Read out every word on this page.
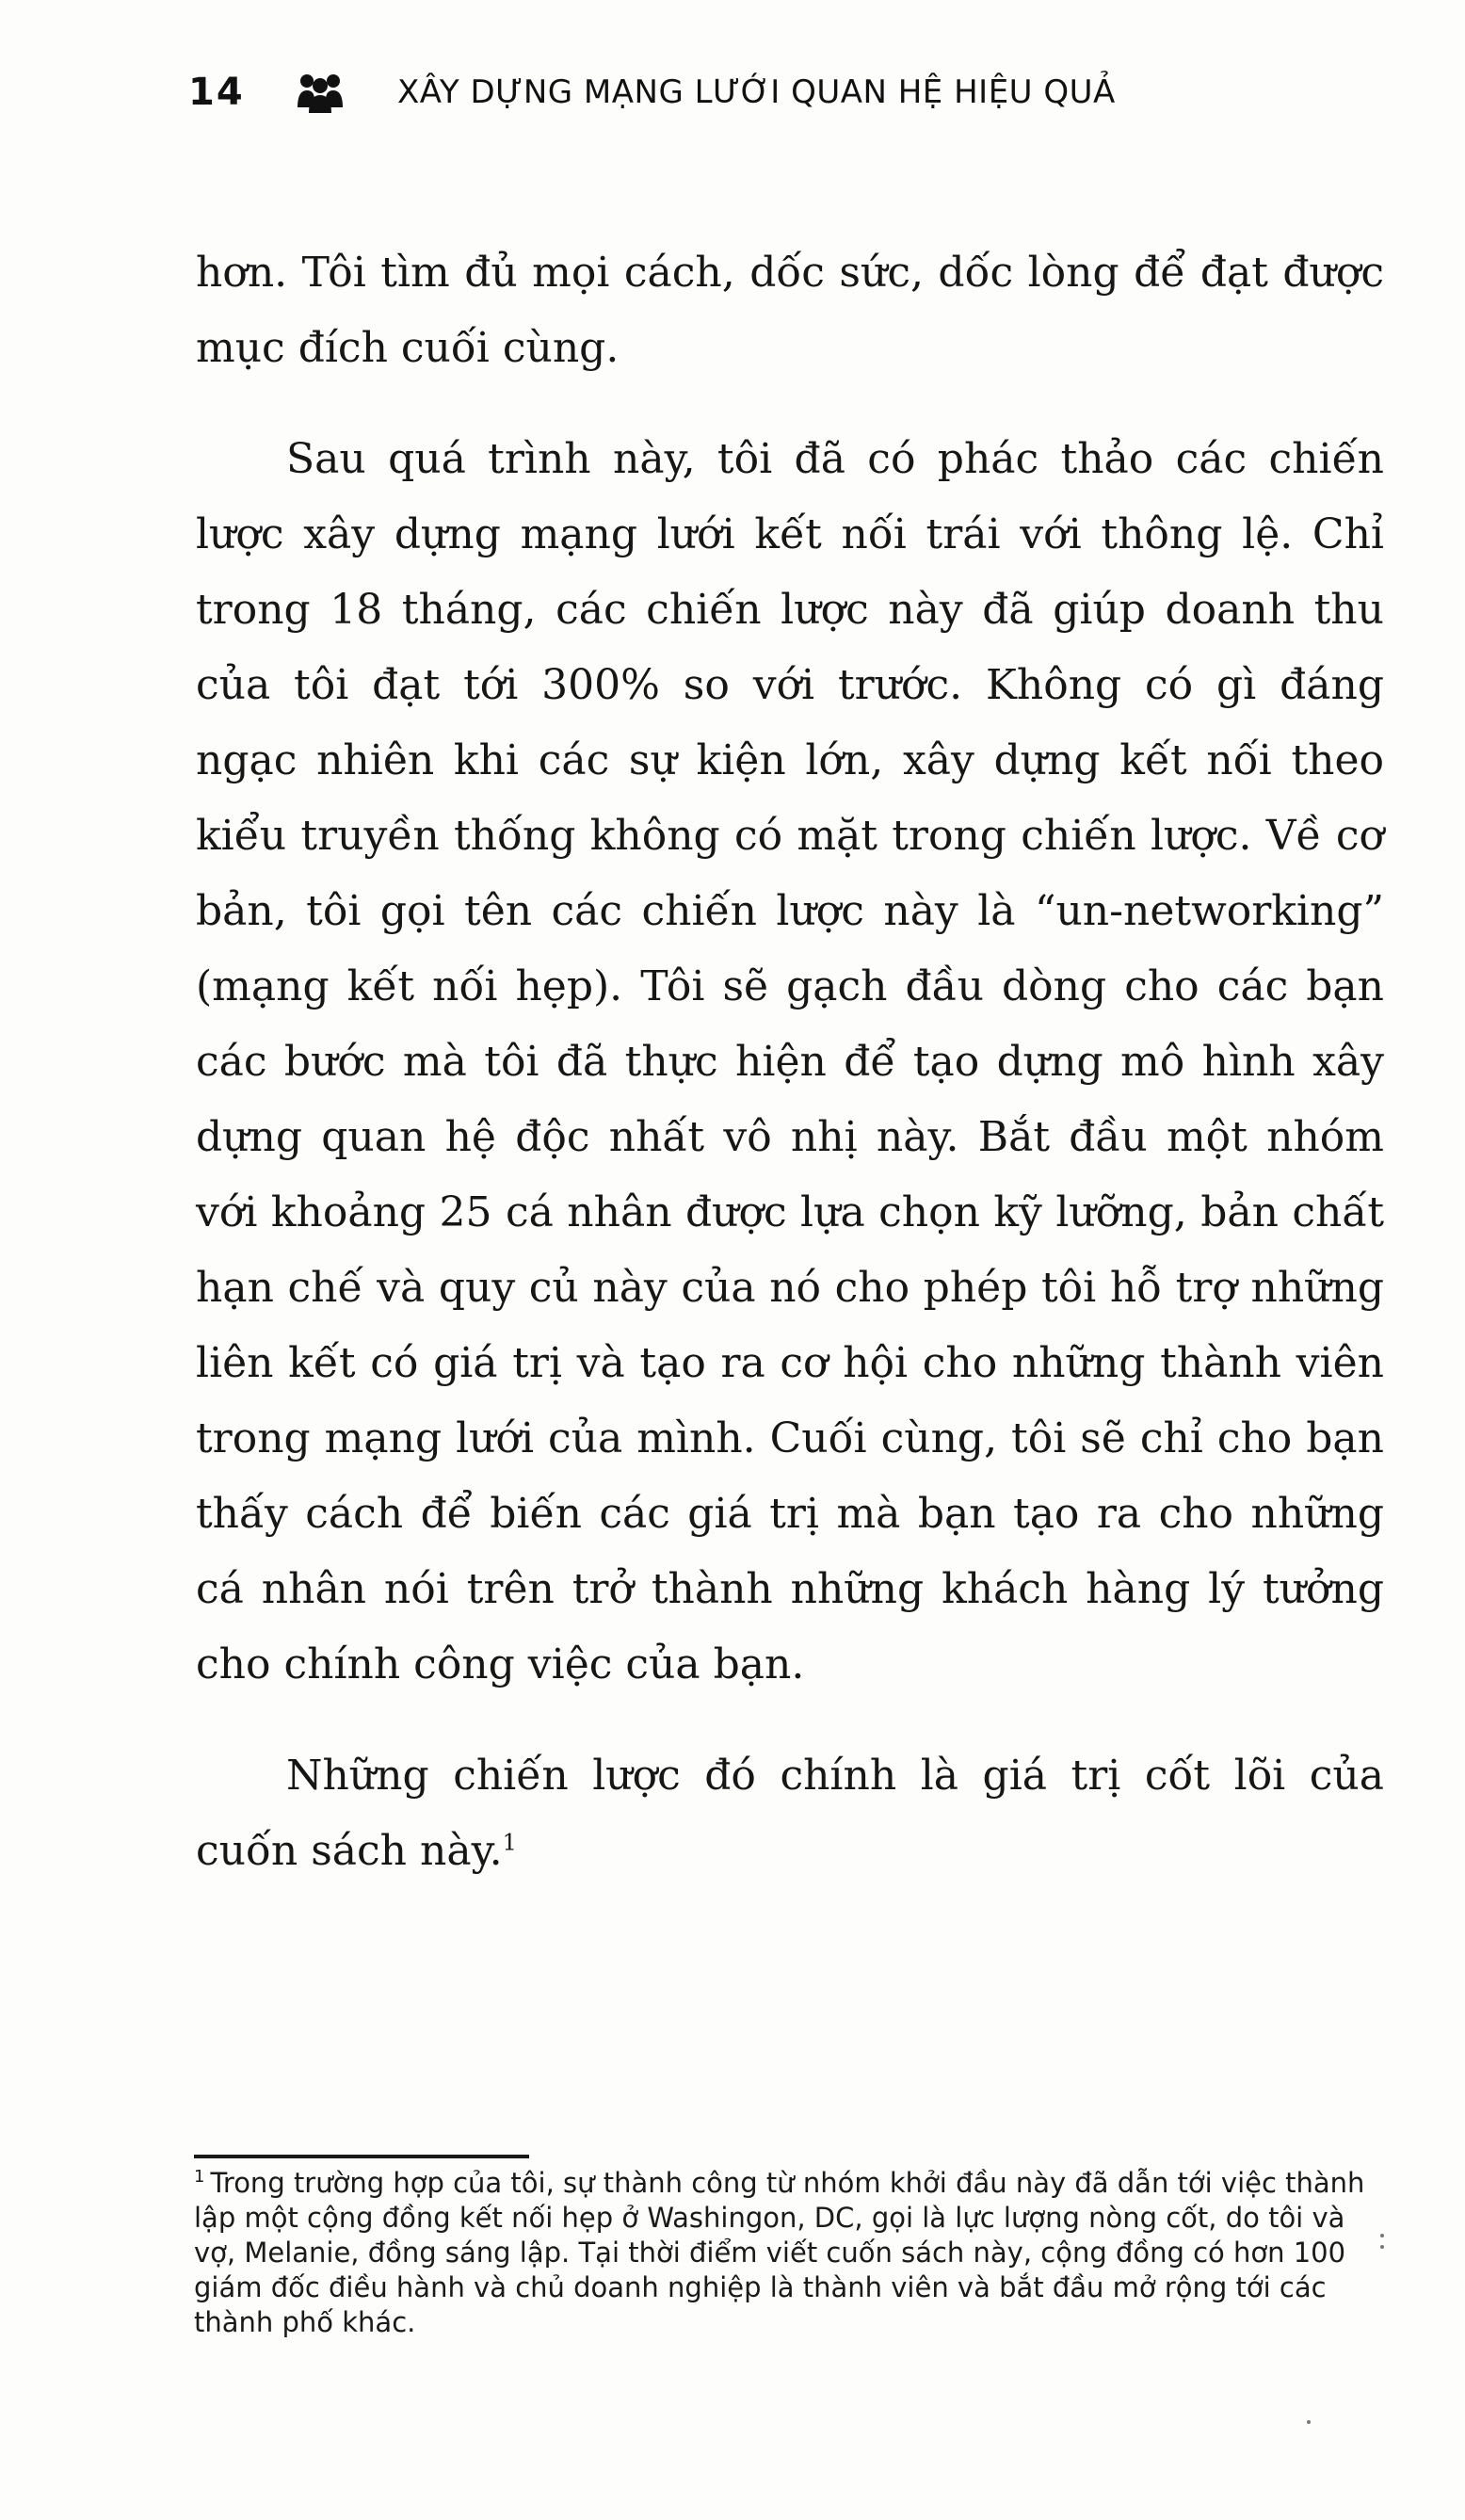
14	XÂY DỰNG MẠNG LƯỚI QUAN HỆ HIỆU QUẢ

hơn. Tôi tìm đủ mọi cách, dốc sức, dốc lòng để đạt được mục đích cuối cùng.

Sau quá trình này, tôi đã có phác thảo các chiến lược xây dựng mạng lưới kết nối trái với thông lệ. Chỉ trong 18 tháng, các chiến lược này đã giúp doanh thu của tôi đạt tới 300% so với trước. Không có gì đáng ngạc nhiên khi các sự kiện lớn, xây dựng kết nối theo kiểu truyền thống không có mặt trong chiến lược. Về cơ bản, tôi gọi tên các chiến lược này là “un-networking” (mạng kết nối hẹp). Tôi sẽ gạch đầu dòng cho các bạn các bước mà tôi đã thực hiện để tạo dựng mô hình xây dựng quan hệ độc nhất vô nhị này. Bắt đầu một nhóm với khoảng 25 cá nhân được lựa chọn kỹ lưỡng, bản chất hạn chế và quy củ này của nó cho phép tôi hỗ trợ những liên kết có giá trị và tạo ra cơ hội cho những thành viên trong mạng lưới của mình. Cuối cùng, tôi sẽ chỉ cho bạn thấy cách để biến các giá trị mà bạn tạo ra cho những cá nhân nói trên trở thành những khách hàng lý tưởng cho chính công việc của bạn.

Những chiến lược đó chính là giá trị cốt lõi của cuốn sách này.$^1$

$^1$ Trong trường hợp của tôi, sự thành công từ nhóm khởi đầu này đã dẫn tới việc thành lập một cộng đồng kết nối hẹp ở Washingon, DC, gọi là lực lượng nòng cốt, do tôi và vợ, Melanie, đồng sáng lập. Tại thời điểm viết cuốn sách này, cộng đồng có hơn 100 giám đốc điều hành và chủ doanh nghiệp là thành viên và bắt đầu mở rộng tới các thành phố khác.
